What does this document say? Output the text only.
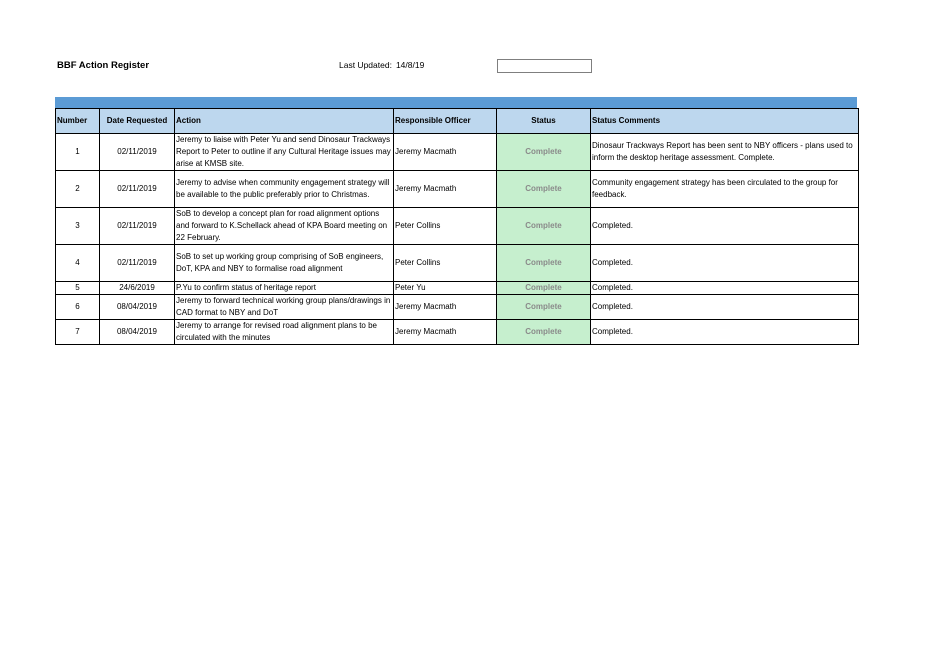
BBF Action Register	Last Updated: 14/8/19
Number	Date Requested	Action	Responsible Officer	Status	Status Comments
1	02/11/2019	Jeremy to liaise with Peter Yu and send Dinosaur Trackways Report to Peter to outline if any Cultural Heritage issues may arise at KMSB site.	Jeremy Macmath	Complete	Dinosaur Trackways Report has been sent to NBY officers - plans used to inform the desktop heritage assessment. Complete.
2	02/11/2019	Jeremy to advise when community engagement strategy will be available to the public preferably prior to Christmas.	Jeremy Macmath	Complete	Community engagement strategy has been circulated to the group for feedback.
3	02/11/2019	SoB to develop a concept plan for road alignment options and forward to K.Schellack ahead of KPA Board meeting on 22 February.	Peter Collins	Complete	Completed.
4	02/11/2019	SoB to set up working group comprising of SoB engineers, DoT, KPA and NBY to formalise road alignment	Peter Collins	Complete	Completed.
5	24/6/2019	P.Yu to confirm status of heritage report	Peter Yu	Complete	Completed.
6	08/04/2019	Jeremy to forward technical working group plans/drawings in CAD format to NBY and DoT	Jeremy Macmath	Complete	Completed.
7	08/04/2019	Jeremy to arrange for revised road alignment plans to be circulated with the minutes	Jeremy Macmath	Complete	Completed.
